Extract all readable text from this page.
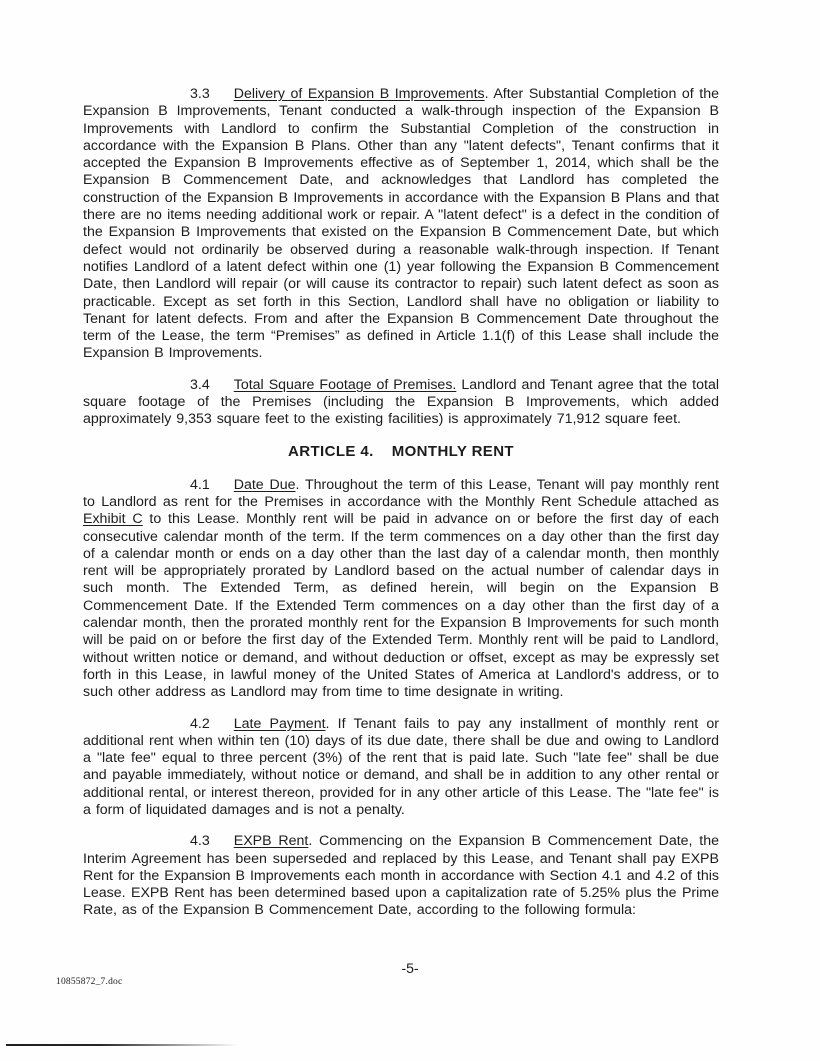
3.3 Delivery of Expansion B Improvements. After Substantial Completion of the Expansion B Improvements, Tenant conducted a walk-through inspection of the Expansion B Improvements with Landlord to confirm the Substantial Completion of the construction in accordance with the Expansion B Plans. Other than any "latent defects", Tenant confirms that it accepted the Expansion B Improvements effective as of September 1, 2014, which shall be the Expansion B Commencement Date, and acknowledges that Landlord has completed the construction of the Expansion B Improvements in accordance with the Expansion B Plans and that there are no items needing additional work or repair. A "latent defect" is a defect in the condition of the Expansion B Improvements that existed on the Expansion B Commencement Date, but which defect would not ordinarily be observed during a reasonable walk-through inspection. If Tenant notifies Landlord of a latent defect within one (1) year following the Expansion B Commencement Date, then Landlord will repair (or will cause its contractor to repair) such latent defect as soon as practicable. Except as set forth in this Section, Landlord shall have no obligation or liability to Tenant for latent defects. From and after the Expansion B Commencement Date throughout the term of the Lease, the term “Premises” as defined in Article 1.1(f) of this Lease shall include the Expansion B Improvements.

3.4 Total Square Footage of Premises. Landlord and Tenant agree that the total square footage of the Premises (including the Expansion B Improvements, which added approximately 9,353 square feet to the existing facilities) is approximately 71,912 square feet.

ARTICLE 4. MONTHLY RENT

4.1 Date Due. Throughout the term of this Lease, Tenant will pay monthly rent to Landlord as rent for the Premises in accordance with the Monthly Rent Schedule attached as Exhibit C to this Lease. Monthly rent will be paid in advance on or before the first day of each consecutive calendar month of the term. If the term commences on a day other than the first day of a calendar month or ends on a day other than the last day of a calendar month, then monthly rent will be appropriately prorated by Landlord based on the actual number of calendar days in such month. The Extended Term, as defined herein, will begin on the Expansion B Commencement Date. If the Extended Term commences on a day other than the first day of a calendar month, then the prorated monthly rent for the Expansion B Improvements for such month will be paid on or before the first day of the Extended Term. Monthly rent will be paid to Landlord, without written notice or demand, and without deduction or offset, except as may be expressly set forth in this Lease, in lawful money of the United States of America at Landlord's address, or to such other address as Landlord may from time to time designate in writing.

4.2 Late Payment. If Tenant fails to pay any installment of monthly rent or additional rent when within ten (10) days of its due date, there shall be due and owing to Landlord a "late fee" equal to three percent (3%) of the rent that is paid late. Such "late fee" shall be due and payable immediately, without notice or demand, and shall be in addition to any other rental or additional rental, or interest thereon, provided for in any other article of this Lease. The "late fee" is a form of liquidated damages and is not a penalty.

4.3 EXPB Rent. Commencing on the Expansion B Commencement Date, the Interim Agreement has been superseded and replaced by this Lease, and Tenant shall pay EXPB Rent for the Expansion B Improvements each month in accordance with Section 4.1 and 4.2 of this Lease. EXPB Rent has been determined based upon a capitalization rate of 5.25% plus the Prime Rate, as of the Expansion B Commencement Date, according to the following formula:

-5-
10855872_7.doc
